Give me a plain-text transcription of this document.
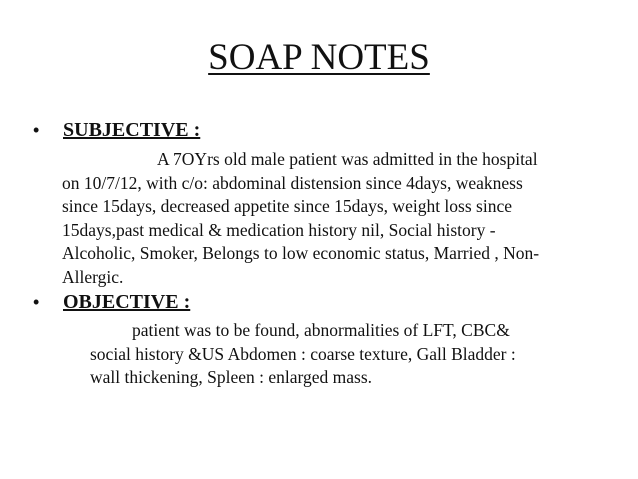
SOAP NOTES
• SUBJECTIVE :
A 7OYrs old male patient was admitted in the hospital
on 10/7/12, with c/o: abdominal distension since 4days, weakness
since 15days, decreased appetite since 15days, weight loss since
15days,past medical & medication history nil, Social history -
Alcoholic, Smoker, Belongs to low economic status, Married , Non-
Allergic.
• OBJECTIVE :
patient was to be found, abnormalities of LFT, CBC&
social history &US Abdomen : coarse texture, Gall Bladder :
wall thickening, Spleen : enlarged mass.
